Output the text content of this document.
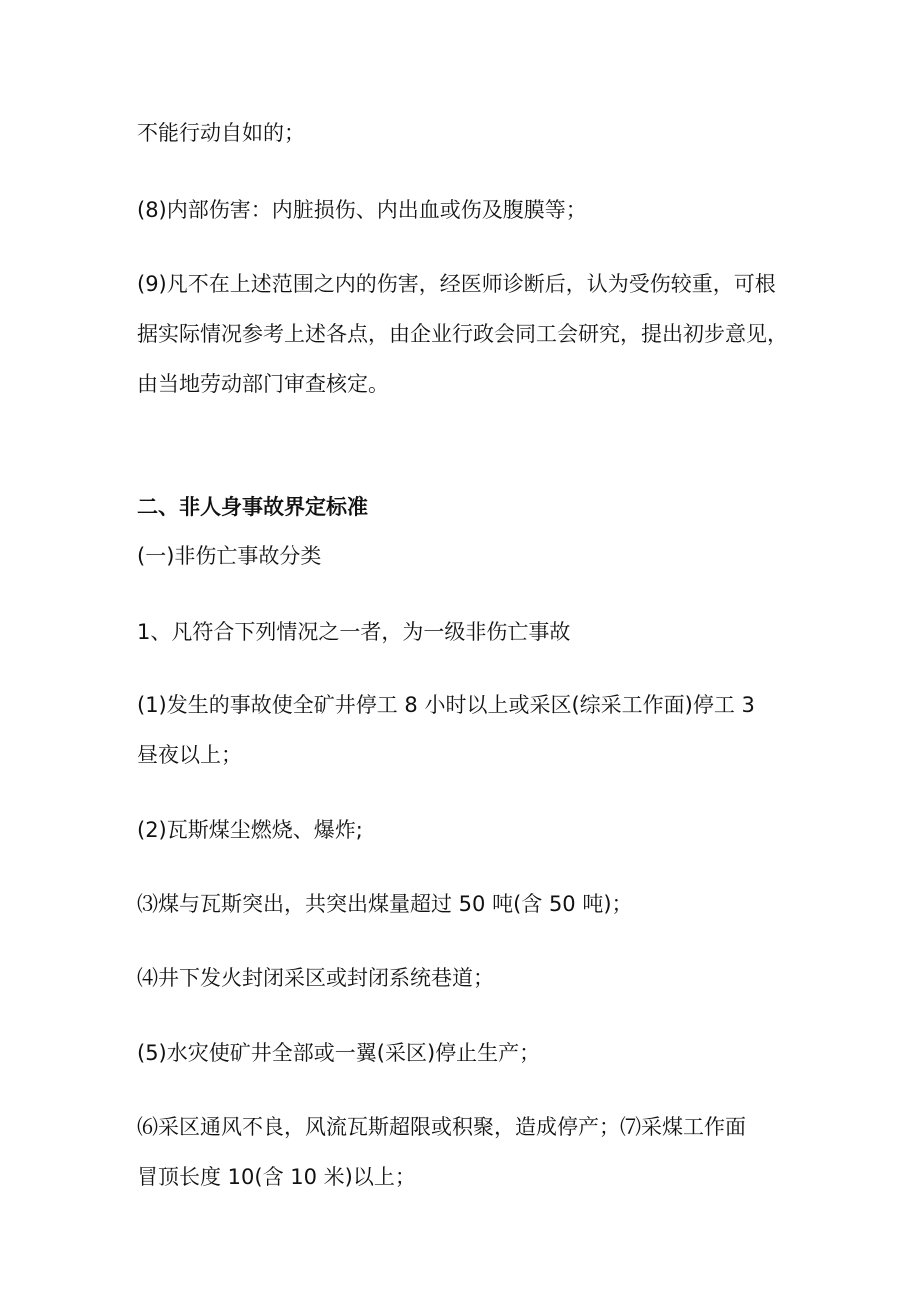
不能行动自如的；
(8)内部伤害：内脏损伤、内出血或伤及腹膜等；
(9)凡不在上述范围之内的伤害，经医师诊断后，认为受伤较重，可根
据实际情况参考上述各点，由企业行政会同工会研究，提出初步意见，
由当地劳动部门审查核定。
二、非人身事故界定标准
(一)非伤亡事故分类
1、凡符合下列情况之一者，为一级非伤亡事故
(1)发生的事故使全矿井停工 8 小时以上或采区(综采工作面)停工 3
昼夜以上；
(2)瓦斯煤尘燃烧、爆炸;
⑶煤与瓦斯突出，共突出煤量超过 50 吨(含 50 吨)；
⑷井下发火封闭采区或封闭系统巷道；
(5)水灾使矿井全部或一翼(采区)停止生产；
⑹采区通风不良，风流瓦斯超限或积聚，造成停产；⑺采煤工作面
冒顶长度 10(含 10 米)以上；
